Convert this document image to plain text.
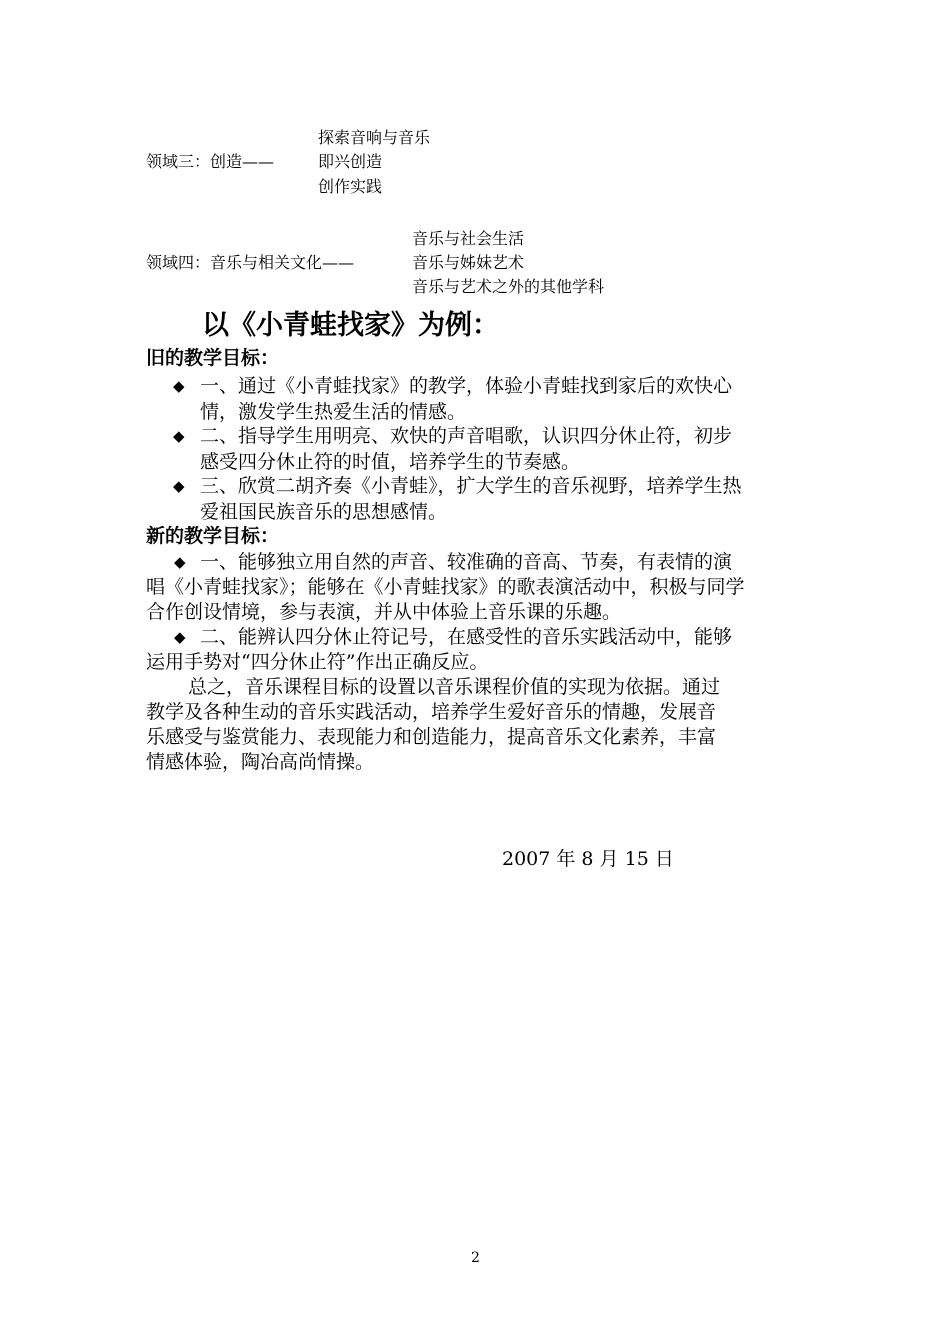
探索音响与音乐
领域三：创造——	即兴创造
创作实践
音乐与社会生活
领域四：音乐与相关文化——	音乐与姊妹艺术
音乐与艺术之外的其他学科
以《小青蛙找家》为例：
旧的教学目标：
◆ 一、通过《小青蛙找家》的教学，体验小青蛙找到家后的欢快心
情，激发学生热爱生活的情感。
◆ 二、指导学生用明亮、欢快的声音唱歌，认识四分休止符，初步
感受四分休止符的时值，培养学生的节奏感。
◆ 三、欣赏二胡齐奏《小青蛙》，扩大学生的音乐视野，培养学生热
爱祖国民族音乐的思想感情。
新的教学目标：
◆ 一、能够独立用自然的声音、较准确的音高、节奏，有表情的演
唱《小青蛙找家》；能够在《小青蛙找家》的歌表演活动中，积极与同学
合作创设情境，参与表演，并从中体验上音乐课的乐趣。
◆ 二、能辨认四分休止符记号，在感受性的音乐实践活动中，能够
运用手势对“四分休止符”作出正确反应。
总之，音乐课程目标的设置以音乐课程价值的实现为依据。通过
教学及各种生动的音乐实践活动，培养学生爱好音乐的情趣，发展音
乐感受与鉴赏能力、表现能力和创造能力，提高音乐文化素养，丰富
情感体验，陶冶高尚情操。
2007 年 8 月 15 日
2
